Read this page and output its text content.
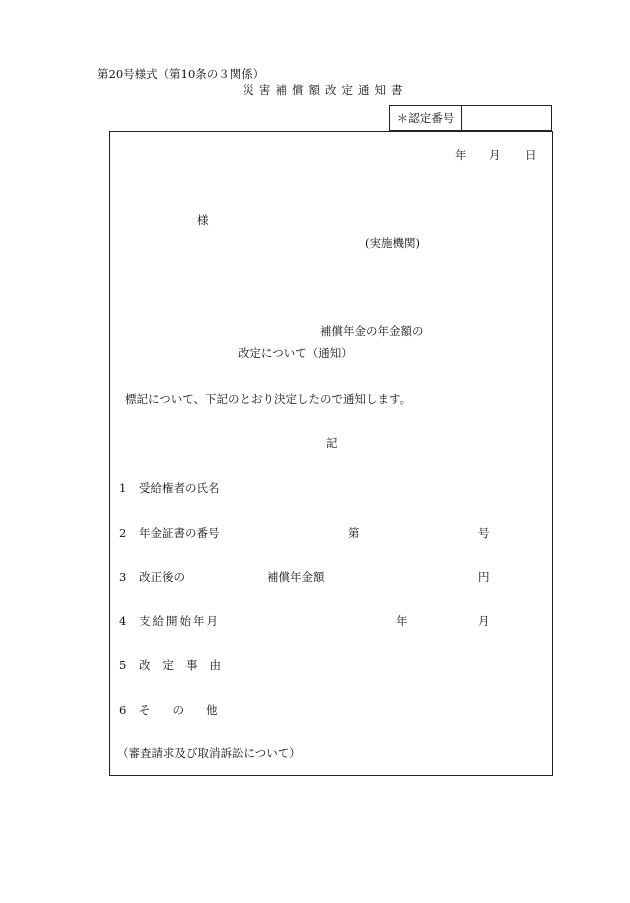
第20号様式（第10条の３関係）
災害補償額改定通知書
＊認定番号
年 月 日
様
(実施機関)
補償年金の年金額の
改定について（通知）
標記について、下記のとおり決定したので通知します。
記
1 受給権者の氏名
2 年金証書の番号	第	号
3 改正後の	補償年金額	円
4 支給開始年月	年	月
5 改定事由
6 その他
（審査請求及び取消訴訟について）
